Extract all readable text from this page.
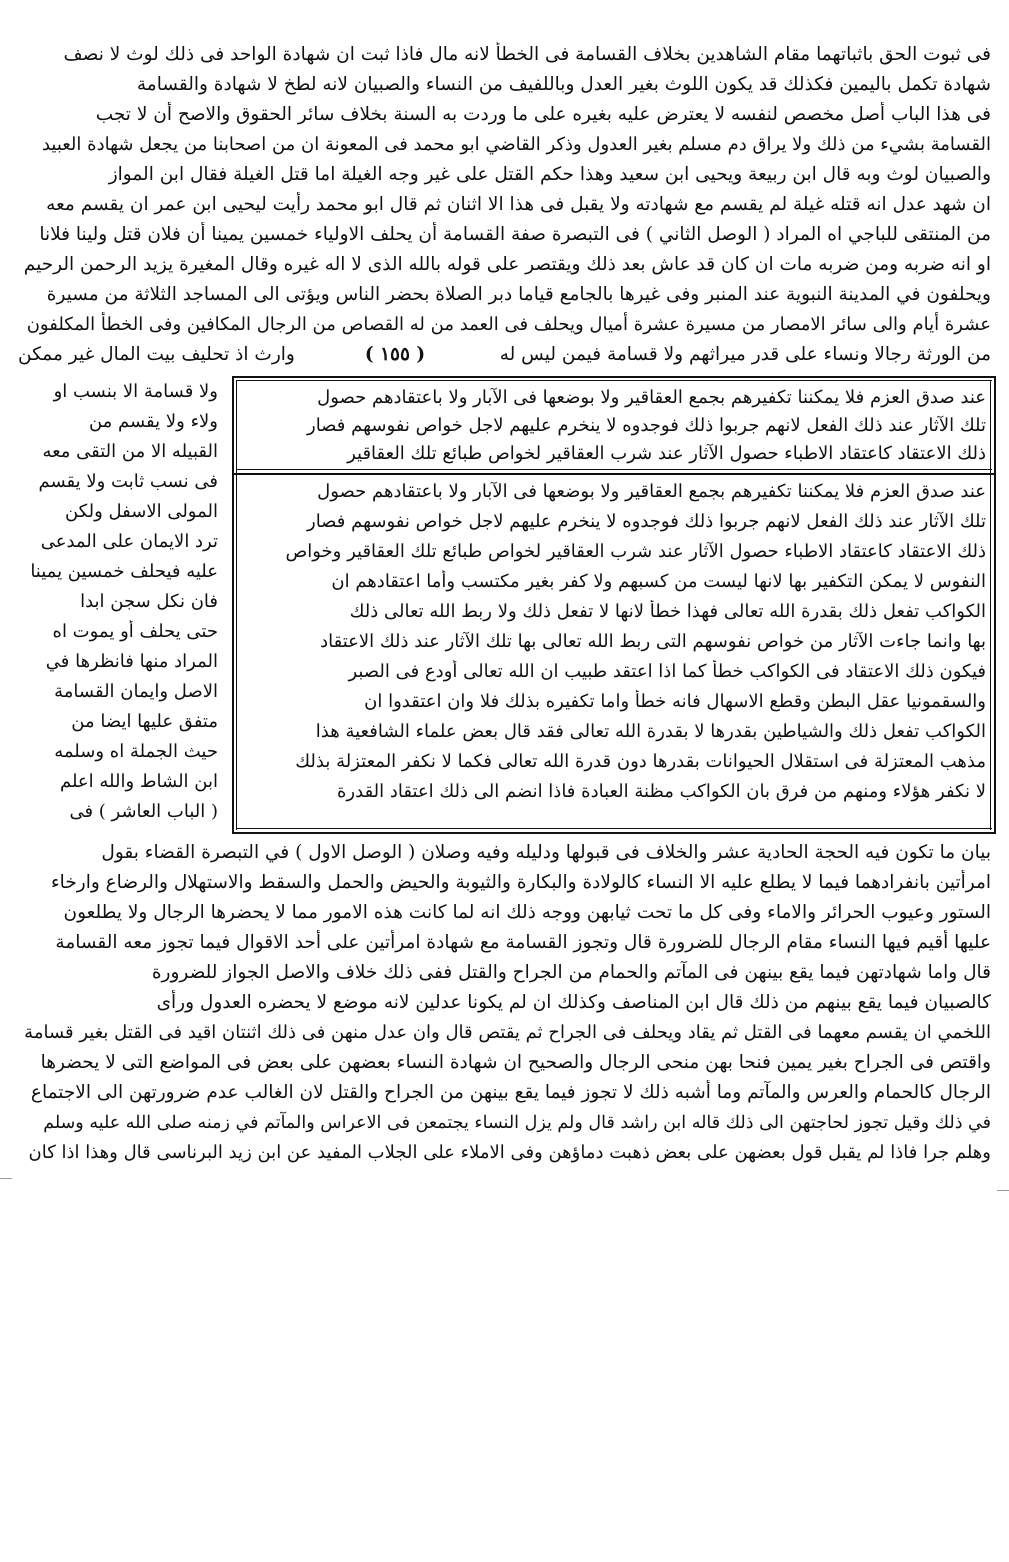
فى ثبوت الحق باثباتهما مقام الشاهدين بخلاف القسامة فى الخطأ لانه مال فاذا ثبت ان شهادة الواحد فى ذلك لوث لا نصف
شهادة تكمل باليمين فكذلك قد يكون اللوث بغير العدل وباللفيف من النساء والصبيان لانه لطخ لا شهادة والقسامة
فى هذا الباب أصل مخصص لنفسه لا يعترض عليه بغيره على ما وردت به السنة بخلاف سائر الحقوق والاصح أن لا تجب
القسامة بشيء من ذلك ولا يراق دم مسلم بغير العدول وذكر القاضي ابو محمد فى المعونة ان من اصحابنا من يجعل شهادة العبيد
والصبيان لوث وبه قال ابن ربيعة ويحيى ابن سعيد وهذا حكم القتل على غير وجه الغيلة اما قتل الغيلة فقال ابن المواز
ان شهد عدل انه قتله غيلة لم يقسم مع شهادته ولا يقبل فى هذا الا اثنان ثم قال ابو محمد رأيت ليحيى ابن عمر ان يقسم معه
من المنتقى للباجي اه المراد ( الوصل الثاني ) فى التبصرة صفة القسامة أن يحلف الاولياء خمسين يمينا أن فلان قتل ولينا فلانا
او انه ضربه ومن ضربه مات ان كان قد عاش بعد ذلك ويقتصر على قوله بالله الذى لا اله غيره وقال المغيرة يزيد الرحمن الرحيم
ويحلفون في المدينة النبوية عند المنبر وفى غيرها بالجامع قياما دبر الصلاة بحضر الناس ويؤتى الى المساجد الثلاثة من مسيرة
عشرة أيام والى سائر الامصار من مسيرة عشرة أميال ويحلف فى العمد من له القصاص من الرجال المكافين وفى الخطأ المكلفون
من الورثة رجالا ونساء على قدر ميراثهم ولا قسامة فيمن ليس له
( ١٥٥ )
وارث اذ تحليف بيت المال غير ممكن
ولا قسامة الا بنسب او
ولاء ولا يقسم من
القبيله الا من التقى معه
فى نسب ثابت ولا يقسم
المولى الاسفل ولكن
ترد الايمان على المدعى
عليه فيحلف خمسين يمينا
فان نكل سجن ابدا
حتى يحلف أو يموت اه
المراد منها فانظرها في
الاصل وايمان القسامة
متفق عليها ايضا من
حيث الجملة اه وسلمه
ابن الشاط والله اعلم
( الباب العاشر ) فى
عند صدق العزم فلا يمكننا تكفيرهم بجمع العقاقير ولا بوضعها فى الآبار ولا باعتقادهم حصول
تلك الآثار عند ذلك الفعل لانهم جربوا ذلك فوجدوه لا ينخرم عليهم لاجل خواص نفوسهم فصار
ذلك الاعتقاد كاعتقاد الاطباء حصول الآثار عند شرب العقاقير لخواص طبائع تلك العقاقير
عند صدق العزم فلا يمكننا تكفيرهم بجمع العقاقير ولا بوضعها فى الآبار ولا باعتقادهم حصول
تلك الآثار عند ذلك الفعل لانهم جربوا ذلك فوجدوه لا ينخرم عليهم لاجل خواص نفوسهم فصار
ذلك الاعتقاد كاعتقاد الاطباء حصول الآثار عند شرب العقاقير لخواص طبائع تلك العقاقير وخواص
النفوس لا يمكن التكفير بها لانها ليست من كسبهم ولا كفر بغير مكتسب وأما اعتقادهم ان
الكواكب تفعل ذلك بقدرة الله تعالى فهذا خطأ لانها لا تفعل ذلك ولا ربط الله تعالى ذلك
بها وانما جاءت الآثار من خواص نفوسهم التى ربط الله تعالى بها تلك الآثار عند ذلك الاعتقاد
فيكون ذلك الاعتقاد فى الكواكب خطأ كما اذا اعتقد طبيب ان الله تعالى أودع فى الصبر
والسقمونيا عقل البطن وقطع الاسهال فانه خطأ واما تكفيره بذلك فلا وان اعتقدوا ان
الكواكب تفعل ذلك والشياطين بقدرها لا بقدرة الله تعالى فقد قال بعض علماء الشافعية هذا
مذهب المعتزلة فى استقلال الحيوانات بقدرها دون قدرة الله تعالى فكما لا نكفر المعتزلة بذلك
لا نكفر هؤلاء ومنهم من فرق بان الكواكب مظنة العبادة فاذا انضم الى ذلك اعتقاد القدرة
بيان ما تكون فيه الحجة الحادية عشر والخلاف فى قبولها ودليله وفيه وصلان ( الوصل الاول ) في التبصرة القضاء بقول
امرأتين بانفرادهما فيما لا يطلع عليه الا النساء كالولادة والبكارة والثيوبة والحيض والحمل والسقط والاستهلال والرضاع وارخاء
الستور وعيوب الحرائر والاماء وفى كل ما تحت ثيابهن ووجه ذلك انه لما كانت هذه الامور مما لا يحضرها الرجال ولا يطلعون
عليها أقيم فيها النساء مقام الرجال للضرورة قال وتجوز القسامة مع شهادة امرأتين على أحد الاقوال فيما تجوز معه القسامة
قال واما شهادتهن فيما يقع بينهن فى المآتم والحمام من الجراح والقتل ففى ذلك خلاف والاصل الجواز للضرورة
كالصبيان فيما يقع بينهم من ذلك قال ابن المناصف وكذلك ان لم يكونا عدلين لانه موضع لا يحضره العدول ورأى
اللخمي ان يقسم معهما فى القتل ثم يقاد ويحلف فى الجراح ثم يقتص قال وان عدل منهن فى ذلك اثنتان اقيد فى القتل بغير قسامة
واقتص فى الجراح بغير يمين فنحا بهن منحى الرجال والصحيح ان شهادة النساء بعضهن على بعض فى المواضع التى لا يحضرها
الرجال كالحمام والعرس والمآتم وما أشبه ذلك لا تجوز فيما يقع بينهن من الجراح والقتل لان الغالب عدم ضرورتهن الى الاجتماع
في ذلك وقيل تجوز لحاجتهن الى ذلك قاله ابن راشد قال ولم يزل النساء يجتمعن فى الاعراس والمآتم في زمنه صلى الله عليه وسلم
وهلم جرا فاذا لم يقبل قول بعضهن على بعض ذهبت دماؤهن وفى الاملاء على الجلاب المفيد عن ابن زيد البرناسى قال وهذا اذا كان
